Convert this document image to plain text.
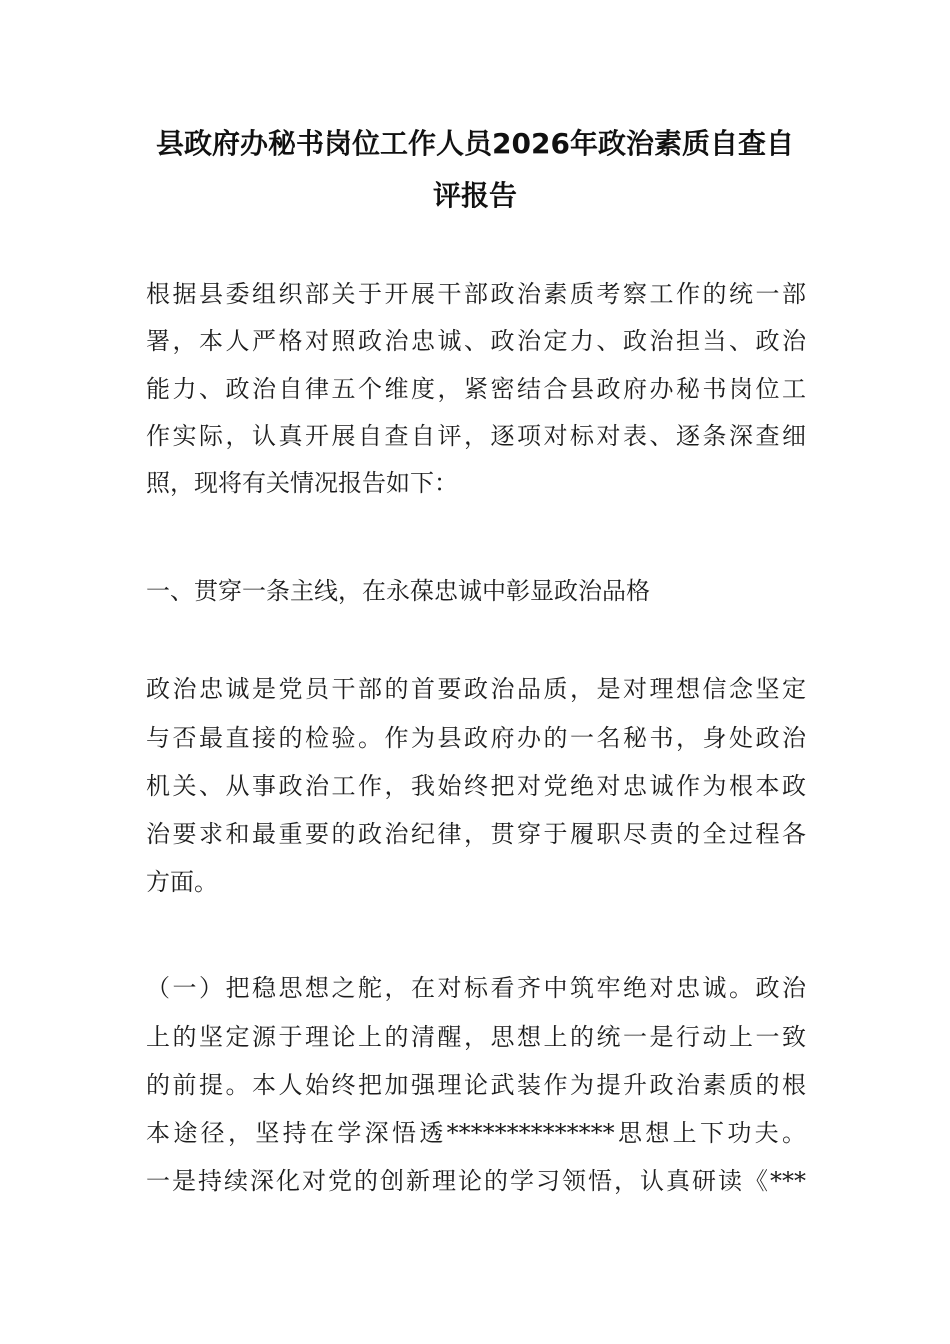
县政府办秘书岗位工作人员2026年政治素质自查自
评报告
根据县委组织部关于开展干部政治素质考察工作的统一部
署，本人严格对照政治忠诚、政治定力、政治担当、政治
能力、政治自律五个维度，紧密结合县政府办秘书岗位工
作实际，认真开展自查自评，逐项对标对表、逐条深查细
照，现将有关情况报告如下：
一、贯穿一条主线，在永葆忠诚中彰显政治品格
政治忠诚是党员干部的首要政治品质，是对理想信念坚定
与否最直接的检验。作为县政府办的一名秘书，身处政治
机关、从事政治工作，我始终把对党绝对忠诚作为根本政
治要求和最重要的政治纪律，贯穿于履职尽责的全过程各
方面。
（一）把稳思想之舵，在对标看齐中筑牢绝对忠诚。政治
上的坚定源于理论上的清醒，思想上的统一是行动上一致
的前提。本人始终把加强理论武装作为提升政治素质的根
本途径，坚持在学深悟透**************思想上下功夫。
一是持续深化对党的创新理论的学习领悟，认真研读《***
